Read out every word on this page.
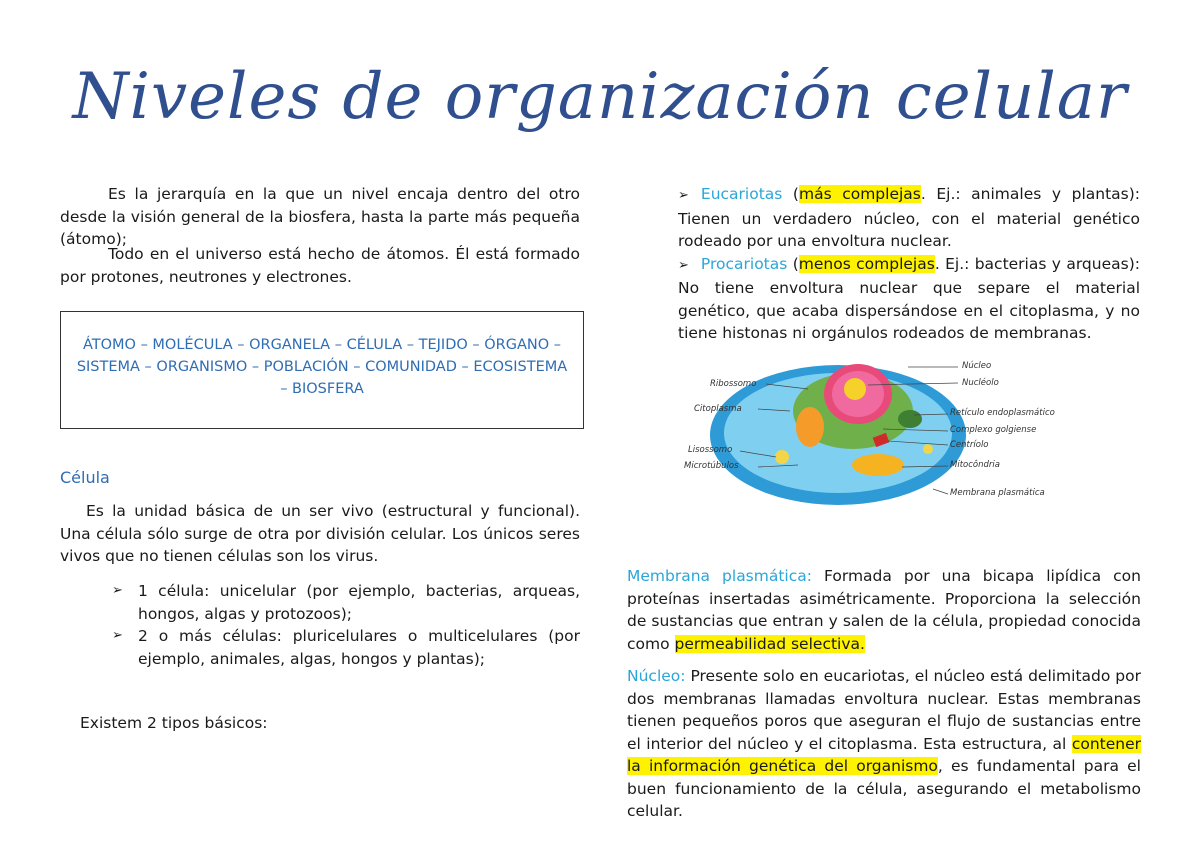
Niveles de organización celular

Es la jerarquía en la que un nivel encaja dentro del otro desde la visión general de la biosfera, hasta la parte más pequeña (átomo);

Todo en el universo está hecho de átomos. Él está formado por protones, neutrones y electrones.

ÁTOMO – MOLÉCULA – ORGANELA – CÉLULA – TEJIDO – ÓRGANO – SISTEMA – ORGANISMO – POBLACIÓN – COMUNIDAD – ECOSISTEMA – BIOSFERA
Célula

Es la unidad básica de un ser vivo (estructural y funcional). Una célula sólo surge de otra por división celular. Los únicos seres vivos que no tienen células son los virus.

➢ 1 célula: unicelular (por ejemplo, bacterias, arqueas, hongos, algas y protozoos);
➢ 2 o más células: pluricelulares o multicelulares (por ejemplo, animales, algas, hongos y plantas);

Existem 2 tipos básicos:

➢ Eucariotas (más complejas. Ej.: animales y plantas): Tienen un verdadero núcleo, con el material genético rodeado por una envoltura nuclear.
➢ Procariotas (menos complejas. Ej.: bacterias y arqueas): No tiene envoltura nuclear que separe el material genético, que acaba dispersándose en el citoplasma, y no tiene histonas ni orgánulos rodeados de membranas.
Núcleo
Ribossomo	Nucléolo
Citoplasma	Retículo endoplasmático
Complexo golgiense
Centríolo
Lisossomo
Microtúbulos	Mitocôndria
Membrana plasmática

Membrana plasmática: Formada por una bicapa lipídica con proteínas insertadas asimétricamente. Proporciona la selección de sustancias que entran y salen de la célula, propiedad conocida como permeabilidad selectiva.

Núcleo: Presente solo en eucariotas, el núcleo está delimitado por dos membranas llamadas envoltura nuclear. Estas membranas tienen pequeños poros que aseguran el flujo de sustancias entre el interior del núcleo y el citoplasma. Esta estructura, al contener la información genética del organismo, es fundamental para el buen funcionamiento de la célula, asegurando el metabolismo celular.
